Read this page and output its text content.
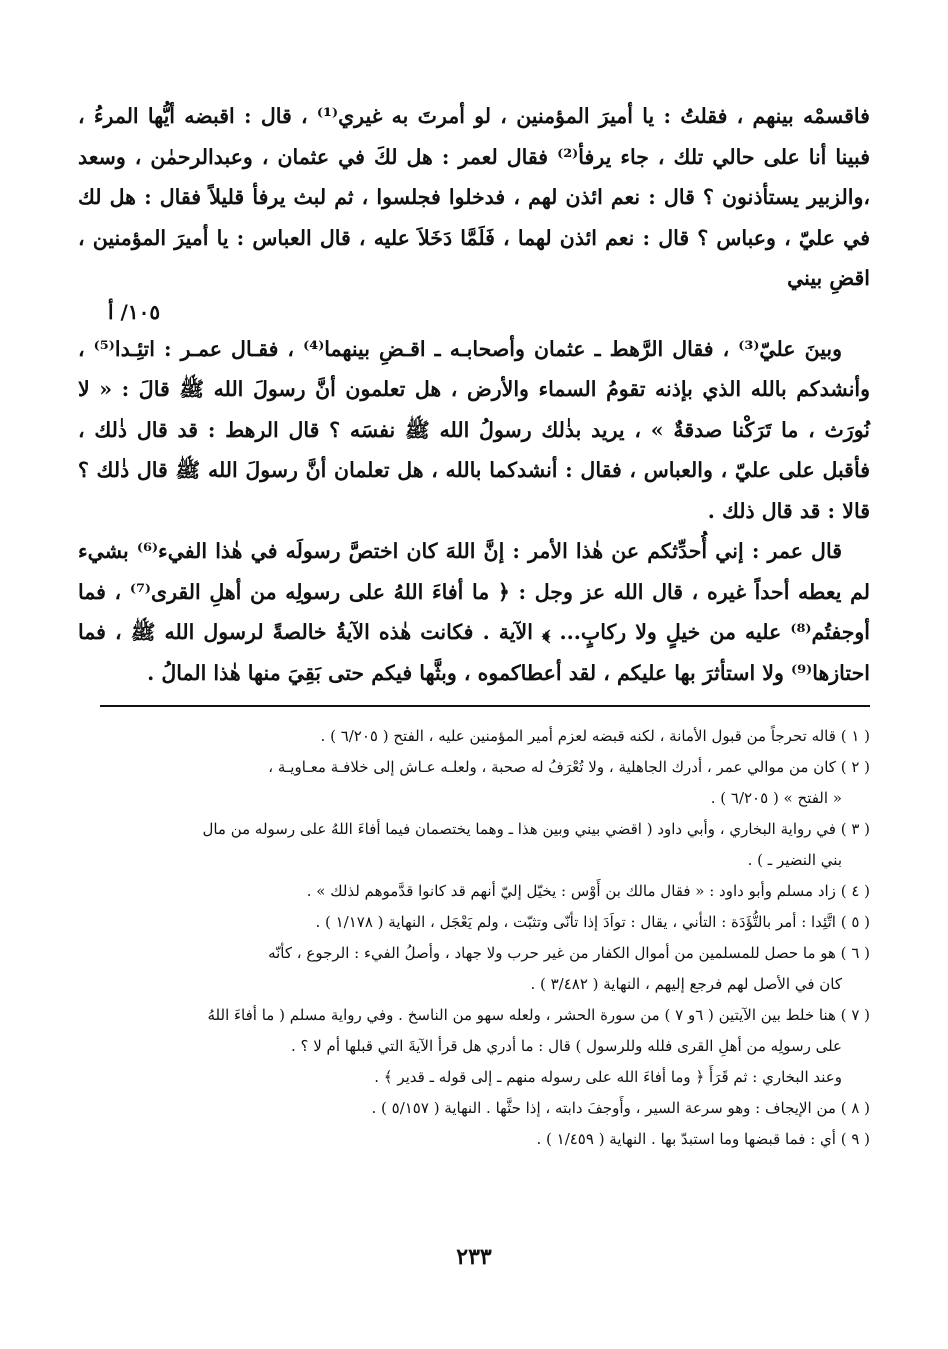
فاقسمْه بينهم ، فقلتُ : يا أميرَ المؤمنين ، لو أمرتَ به غيري⁽¹⁾ ، قال : اقبضه أيُّها المرءُ ، فبينا أنا على حالي تلك ، جاء يرفأ⁽²⁾ فقال لعمر : هل لكَ في عثمان ، وعبدالرحمٰن ، وسعد ،والزبير يستأذنون ؟ قال : نعم ائذن لهم ، فدخلوا فجلسوا ، ثم لبث يرفأ قليلاً فقال : هل لك في عليّ ، وعباس ؟ قال : نعم ائذن لهما ، فَلَمَّا دَخَلاَ عليه ، قال العباس : يا أميرَ المؤمنين ، اقضِ بيني

١٠٥/ أ

وبينَ عليّ⁽³⁾ ، فقال الرَّهط ـ عثمان وأصحابـه ـ اقـضِ بينهما⁽⁴⁾ ، فقـال عمـر : اتئِـدا⁽⁵⁾ ، وأنشدكم بالله الذي بإذنه تقومُ السماء والأرض ، هل تعلمون أنَّ رسولَ الله ﷺ قالَ : « لا نُورَث ، ما تَرَكْنا صدقةٌ » ، يريد بذٰلك رسولُ الله ﷺ نفسَه ؟ قال الرهط : قد قال ذٰلك ، فأقبل على عليّ ، والعباس ، فقال : أنشدكما بالله ، هل تعلمان أنَّ رسولَ الله ﷺ قال ذٰلك ؟ قالا : قد قال ذلك .

قال عمر : إني أُحدِّثكم عن هٰذا الأمر : إنَّ اللهَ كان اختصَّ رسولَه في هٰذا الفيء⁽⁶⁾ بشيء لم يعطه أحداً غيره ، قال الله عز وجل : ﴿ ما أفاءَ اللهُ على رسولِه من أهلِ القرى⁽⁷⁾ ، فما أوجفتُم⁽⁸⁾ عليه من خيلٍ ولا ركابٍ... ﴾ الآية . فكانت هٰذه الآيةُ خالصةً لرسول الله ﷺ ، فما احتازها⁽⁹⁾ ولا استأثرَ بها عليكم ، لقد أعطاكموه ، وبثَّها فيكم حتى بَقِيَ منها هٰذا المالُ .

( ١ ) قاله تحرجاً من قبول الأمانة ، لكنه قبضه لعزم أمير المؤمنين عليه ، الفتح ( ٦/٢٠٥ ) .

( ٢ ) كان من موالي عمر ، أدرك الجاهلية ، ولا تُعْرَفُ له صحبة ، ولعلـه عـاش إلى خلافـة معـاويـة ،

« الفتح » ( ٦/٢٠٥ ) .

( ٣ ) في رواية البخاري ، وأبي داود ( اقضي بيني وبين هذا ـ وهما يختصمان فيما أفاءَ اللهُ على رسوله من مال

بني النضير ـ ) .

( ٤ ) زاد مسلم وأبو داود : « فقال مالك بن أَوْس : يخيّل إليّ أنهم قد كانوا قدَّموهم لذلك » .

( ٥ ) اتَّئِدا : أمر بالتُّؤَدَة : التأني ، يقال : تواَدَ إذا تأنّى وتثبّت ، ولم يَعْجَل ، النهاية ( ١/١٧٨ ) .

( ٦ ) هو ما حصل للمسلمين من أموال الكفار من غير حرب ولا جهاد ، وأصلُ الفيء : الرجوع ، كأنّه

كان في الأصل لهم فرجع إليهم ، النهاية ( ٣/٤٨٢ ) .

( ٧ ) هنا خلط بين الآيتين ( ٦و ٧ ) من سورة الحشر ، ولعله سهو من الناسخ . وفي رواية مسلم ( ما أفاءَ اللهُ

على رسولِه من أهلِ القرى فلله وللرسول ) قال : ما أدري هل قرأ الآيةَ التي قبلها أم لا ؟ .

وعند البخاري : ثم قَرَأَ ﴿ وما أفاءَ الله على رسوله منهم ـ إلى قوله ـ قدير ﴾ .

( ٨ ) من الإيجاف : وهو سرعة السير ، وأَوجفَ دابته ، إذا حثَّها . النهاية ( ٥/١٥٧ ) .

( ٩ ) أي : فما قبضها وما استبدّ بها . النهاية ( ١/٤٥٩ ) .

٢٣٣
